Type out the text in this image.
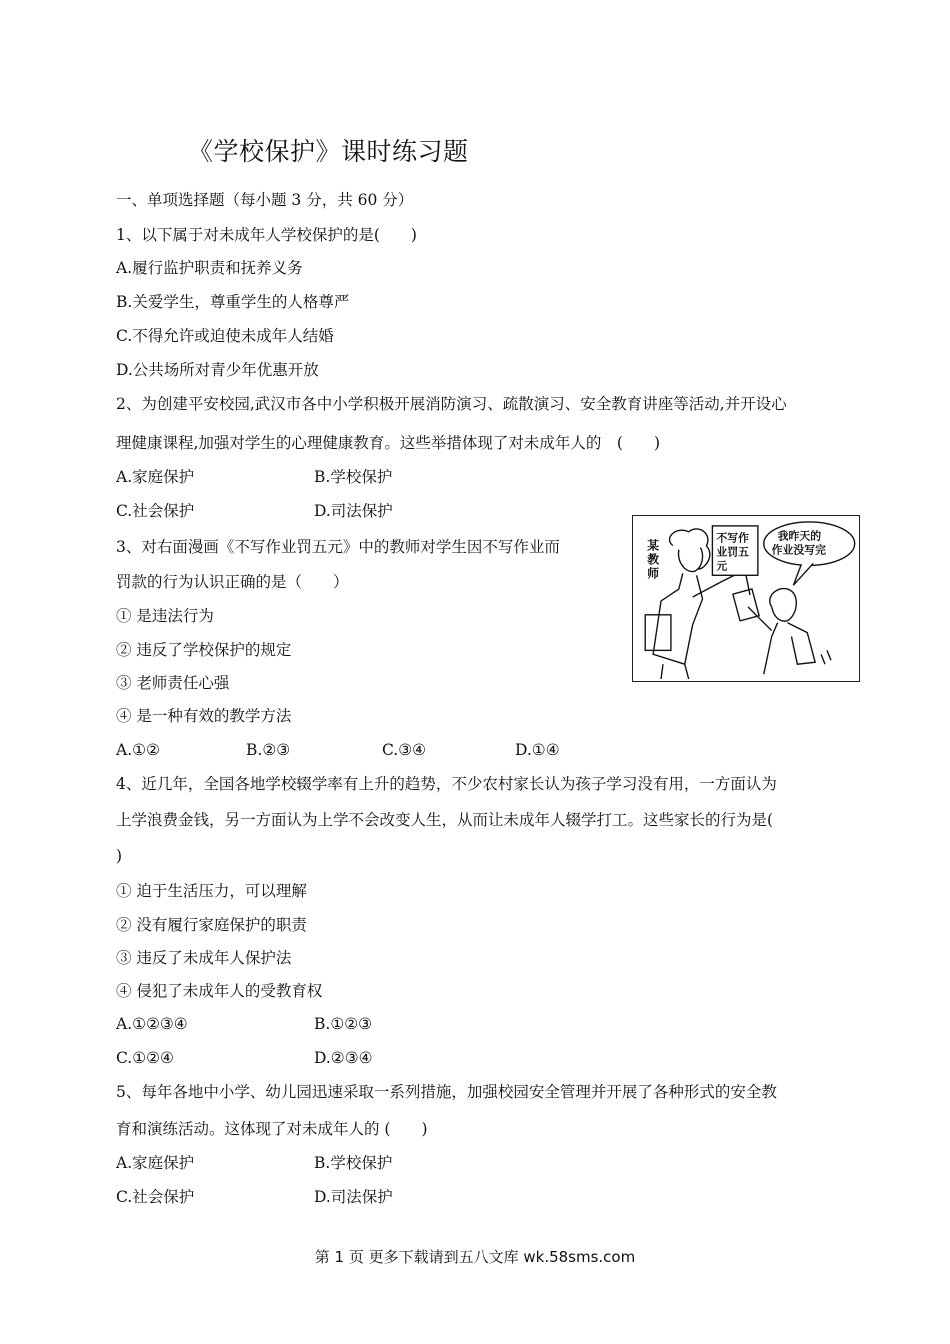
《学校保护》课时练习题
一、单项选择题（每小题 3 分，共 60 分）
1、以下属于对未成年人学校保护的是(　　)
A.履行监护职责和抚养义务
B.关爱学生，尊重学生的人格尊严
C.不得允许或迫使未成年人结婚
D.公共场所对青少年优惠开放
2、为创建平安校园,武汉市各中小学积极开展消防演习、疏散演习、安全教育讲座等活动,并开设心
理健康课程,加强对学生的心理健康教育。这些举措体现了对未成年人的　(　　)
A.家庭保护	B.学校保护
C.社会保护	D.司法保护
3、对右面漫画《不写作业罚五元》中的教师对学生因不写作业而
罚款的行为认识正确的是（　　）
① 是违法行为
② 违反了学校保护的规定
③ 老师责任心强
④ 是一种有效的教学方法
A.①②	B.②③	C.③④	D.①④
不写作
业罚五
元
某
教
师
我昨天的
作业没写完
4、近几年，全国各地学校辍学率有上升的趋势，不少农村家长认为孩子学习没有用，一方面认为
上学浪费金钱，另一方面认为上学不会改变人生，从而让未成年人辍学打工。这些家长的行为是(
)
① 迫于生活压力，可以理解
② 没有履行家庭保护的职责
③ 违反了未成年人保护法
④ 侵犯了未成年人的受教育权
A.①②③④	B.①②③
C.①②④	D.②③④
5、每年各地中小学、幼儿园迅速采取一系列措施，加强校园安全管理并开展了各种形式的安全教
育和演练活动。这体现了对未成年人的 (　　)
A.家庭保护	B.学校保护
C.社会保护	D.司法保护
第 1 页 更多下载请到五八文库 wk.58sms.com
